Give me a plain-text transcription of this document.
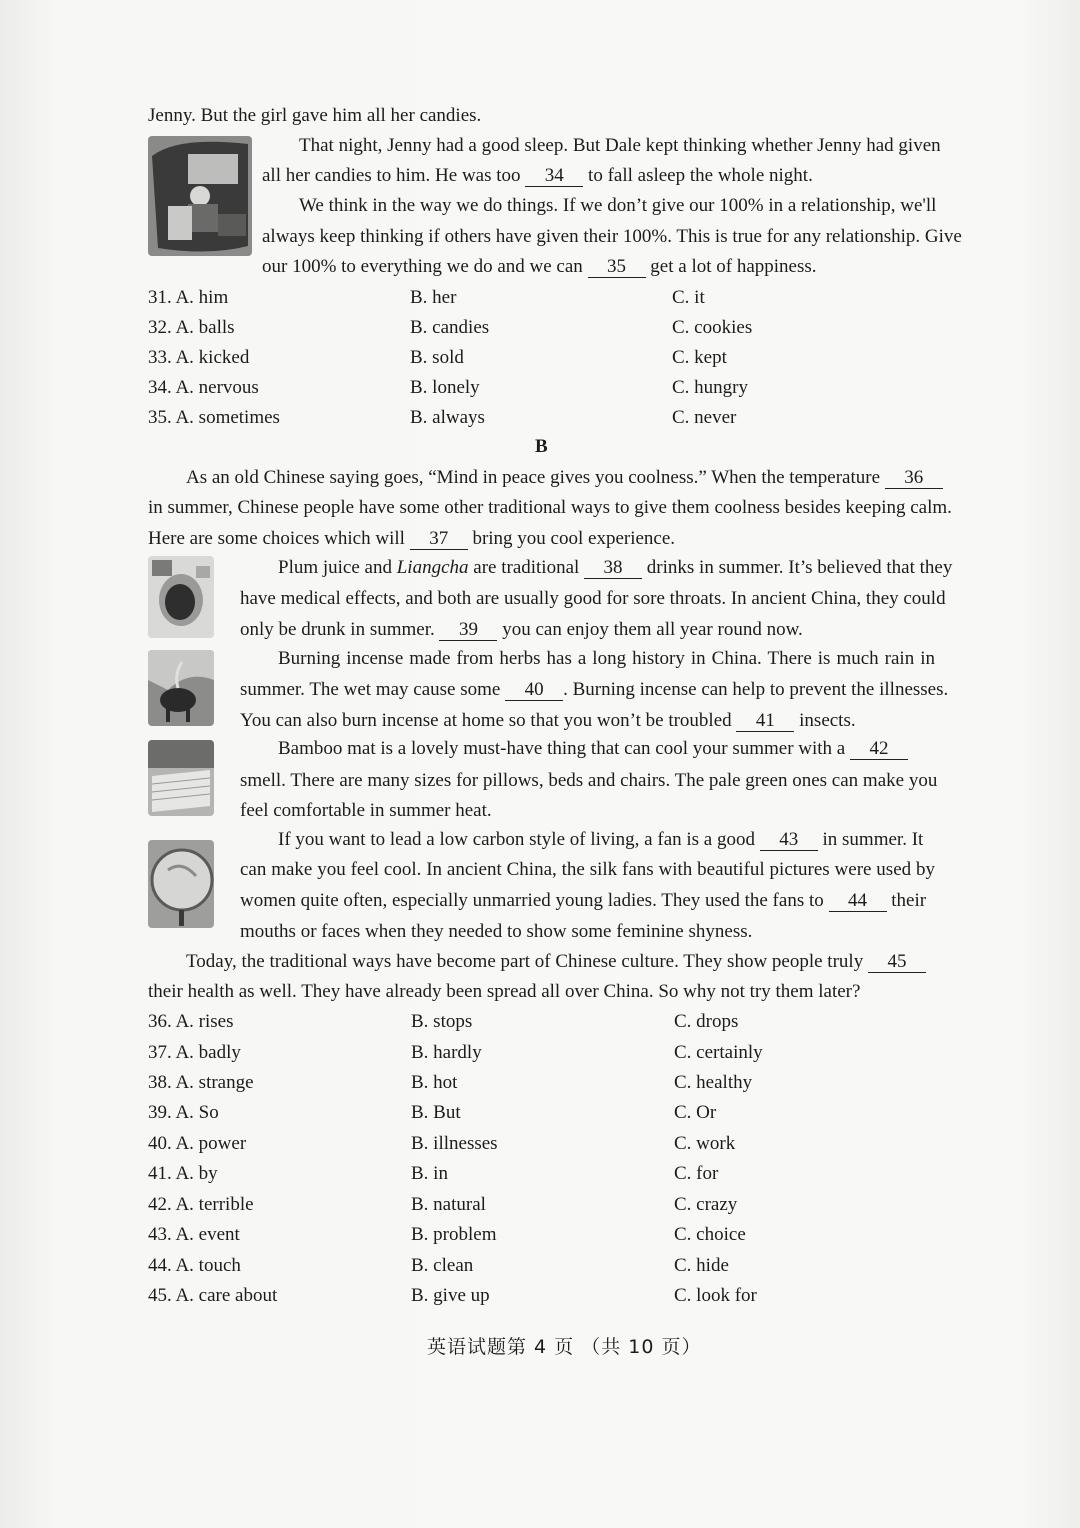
Jenny. But the girl gave him all her candies.
That night, Jenny had a good sleep. But Dale kept thinking whether Jenny had given
all her candies to him. He was too 34 to fall asleep the whole night.
We think in the way we do things. If we don’t give our 100% in a relationship, we'll
always keep thinking if others have given their 100%. This is true for any relationship. Give
our 100% to everything we do and we can 35 get a lot of happiness.
31. A. him	B. her	C. it
32. A. balls	B. candies	C. cookies
33. A. kicked	B. sold	C. kept
34. A. nervous	B. lonely	C. hungry
35. A. sometimes	B. always	C. never
B
As an old Chinese saying goes, “Mind in peace gives you coolness.” When the temperature 36
in summer, Chinese people have some other traditional ways to give them coolness besides keeping calm.
Here are some choices which will 37 bring you cool experience.
Plum juice and Liangcha are traditional 38 drinks in summer. It’s believed that they
have medical effects, and both are usually good for sore throats. In ancient China, they could
only be drunk in summer. 39 you can enjoy them all year round now.
Burning incense made from herbs has a long history in China. There is much rain in
summer. The wet may cause some 40 . Burning incense can help to prevent the illnesses.
You can also burn incense at home so that you won’t be troubled 41 insects.
Bamboo mat is a lovely must-have thing that can cool your summer with a 42
smell. There are many sizes for pillows, beds and chairs. The pale green ones can make you
feel comfortable in summer heat.
If you want to lead a low carbon style of living, a fan is a good 43 in summer. It
can make you feel cool. In ancient China, the silk fans with beautiful pictures were used by
women quite often, especially unmarried young ladies. They used the fans to 44 their
mouths or faces when they needed to show some feminine shyness.
Today, the traditional ways have become part of Chinese culture. They show people truly 45
their health as well. They have already been spread all over China. So why not try them later?
36. A. rises	B. stops	C. drops
37. A. badly	B. hardly	C. certainly
38. A. strange	B. hot	C. healthy
39. A. So	B. But	C. Or
40. A. power	B. illnesses	C. work
41. A. by	B. in	C. for
42. A. terrible	B. natural	C. crazy
43. A. event	B. problem	C. choice
44. A. touch	B. clean	C. hide
45. A. care about	B. give up	C. look for
英语试题第 4 页 （共 10 页）
